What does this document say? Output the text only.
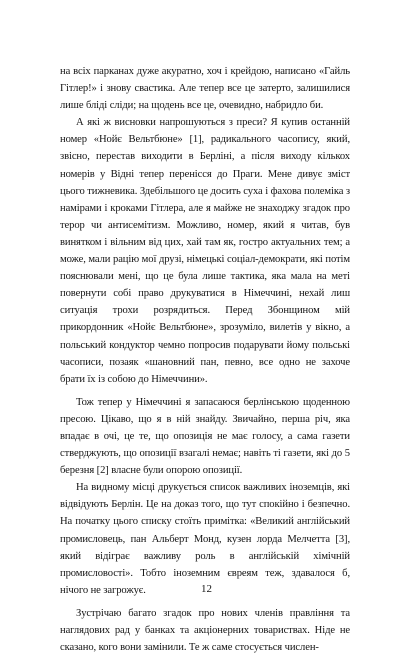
на всіх парканах дуже акуратно, хоч і крейдою, написано «Гайль Гітлер!» і знову свастика. Але тепер все це затерто, залишилися лише бліді сліди; на щодень все це, очевидно, набридло би.

А які ж висновки напрошуються з преси? Я купив останній номер «Нойє Вельтбюне» [1], радикального часопису, який, звісно, перестав виходити в Берліні, а після виходу кількох номерів у Відні тепер перенісся до Праги. Мене дивує зміст цього тижневика. Здебільшого це досить суха і фахова полеміка з намірами і кроками Гітлера, але я майже не знаходжу згадок про терор чи антисемітизм. Можливо, номер, який я читав, був винятком і вільним від цих, хай там як, гостро актуальних тем; а може, мали рацію мої друзі, німецькі соціал-демократи, які потім пояснювали мені, що це була лише тактика, яка мала на меті повернути собі право друкуватися в Німеччині, нехай лиш ситуація трохи розрядиться. Перед Збонщином мій прикордонник «Нойє Вельтбюне», зрозуміло, вилетів у вікно, а польський кондуктор чемно попросив подарувати йому польські часописи, позаяк «шановний пан, певно, все одно не захоче брати їх із собою до Німеччини».

Тож тепер у Німеччині я запасаюся берлінською щоденною пресою. Цікаво, що я в ній знайду. Звичайно, перша річ, яка впадає в очі, це те, що опозиція не має голосу, а сама газети стверджують, що опозиції взагалі немає; навіть ті газети, які до 5 березня [2] власне були опорою опозиції.

На видному місці друкується список важливих іноземців, які відвідують Берлін. Це на доказ того, що тут спокійно і безпечно. На початку цього списку стоїть примітка: «Великий англійський промисловець, пан Альберт Монд, кузен лорда Мелчетта [3], який відіграє важливу роль в англійській хімічній промисловості». Тобто іноземним євреям теж, здавалося б, нічого не загрожує.

Зустрічаю багато згадок про нових членів правління та наглядових рад у банках та акціонерних товариствах. Ніде не сказано, кого вони замінили. Те ж саме стосується числен-

12
